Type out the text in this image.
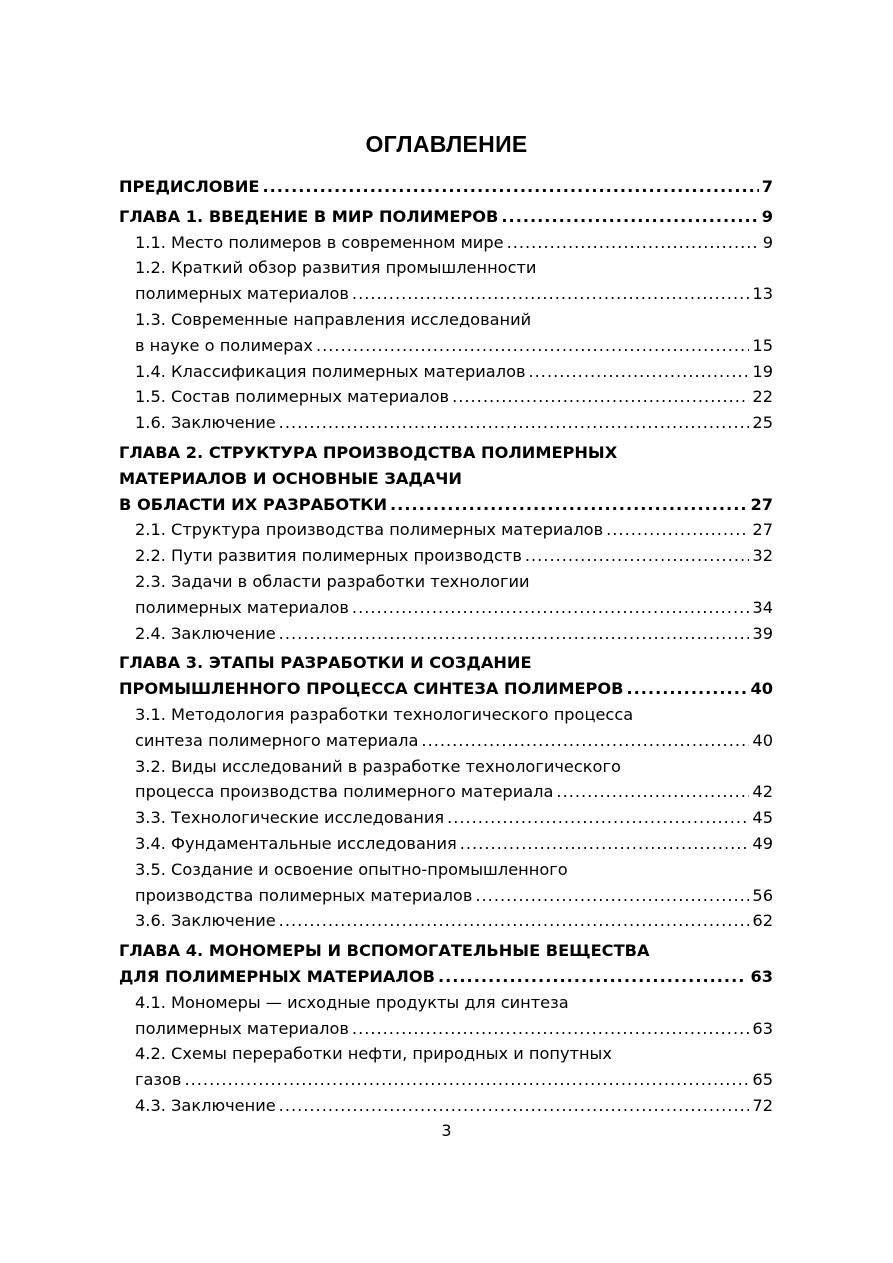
ОГЛАВЛЕНИЕ
ПРЕДИСЛОВИЕ .....	7
ГЛАВА 1. ВВЕДЕНИЕ В МИР ПОЛИМЕРОВ .....	9
1.1. Место полимеров в современном мире .....	9
1.2. Краткий обзор развития промышленности
полимерных материалов .....	13
1.3. Современные направления исследований
в науке о полимерах .....	15
1.4. Классификация полимерных материалов .....	19
1.5. Состав полимерных материалов .....	22
1.6. Заключение .....	25
ГЛАВА 2. СТРУКТУРА ПРОИЗВОДСТВА ПОЛИМЕРНЫХ
МАТЕРИАЛОВ И ОСНОВНЫЕ ЗАДАЧИ
В ОБЛАСТИ ИХ РАЗРАБОТКИ .....	27
2.1. Структура производства полимерных материалов .....	27
2.2. Пути развития полимерных производств .....	32
2.3. Задачи в области разработки технологии
полимерных материалов .....	34
2.4. Заключение .....	39
ГЛАВА 3. ЭТАПЫ РАЗРАБОТКИ И СОЗДАНИЕ
ПРОМЫШЛЕННОГО ПРОЦЕССА СИНТЕЗА ПОЛИМЕРОВ .....	40
3.1. Методология разработки технологического процесса
синтеза полимерного материала .....	40
3.2. Виды исследований в разработке технологического
процесса производства полимерного материала .....	42
3.3. Технологические исследования .....	45
3.4. Фундаментальные исследования .....	49
3.5. Создание и освоение опытно-промышленного
производства полимерных материалов .....	56
3.6. Заключение .....	62
ГЛАВА 4. МОНОМЕРЫ И ВСПОМОГАТЕЛЬНЫЕ ВЕЩЕСТВА
ДЛЯ ПОЛИМЕРНЫХ МАТЕРИАЛОВ .....	63
4.1. Мономеры — исходные продукты для синтеза
полимерных материалов .....	63
4.2. Схемы переработки нефти, природных и попутных
газов .....	65
4.3. Заключение .....	72
3
